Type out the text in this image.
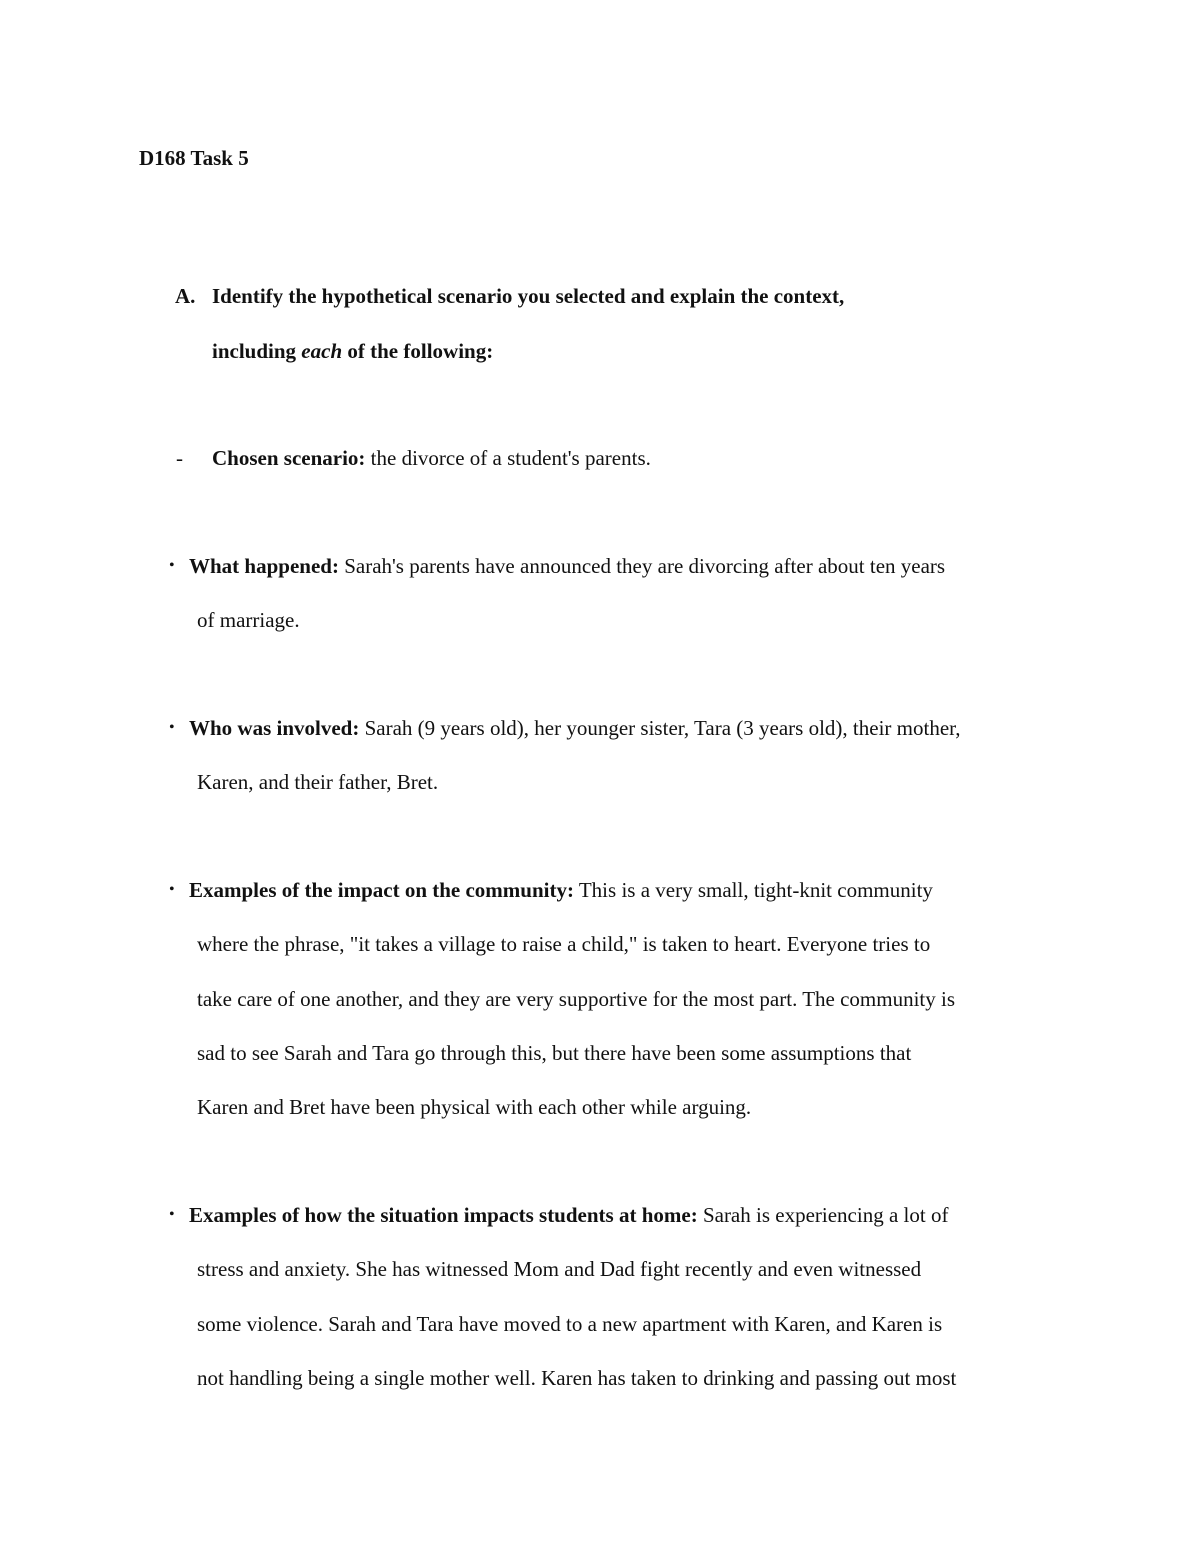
D168 Task 5
A. Identify the hypothetical scenario you selected and explain the context,
including each of the following:
- Chosen scenario: the divorce of a student's parents.
• What happened: Sarah's parents have announced they are divorcing after about ten years
of marriage.
• Who was involved: Sarah (9 years old), her younger sister, Tara (3 years old), their mother,
Karen, and their father, Bret.
• Examples of the impact on the community: This is a very small, tight-knit community
where the phrase, "it takes a village to raise a child," is taken to heart. Everyone tries to
take care of one another, and they are very supportive for the most part. The community is
sad to see Sarah and Tara go through this, but there have been some assumptions that
Karen and Bret have been physical with each other while arguing.
• Examples of how the situation impacts students at home: Sarah is experiencing a lot of
stress and anxiety. She has witnessed Mom and Dad fight recently and even witnessed
some violence. Sarah and Tara have moved to a new apartment with Karen, and Karen is
not handling being a single mother well. Karen has taken to drinking and passing out most
